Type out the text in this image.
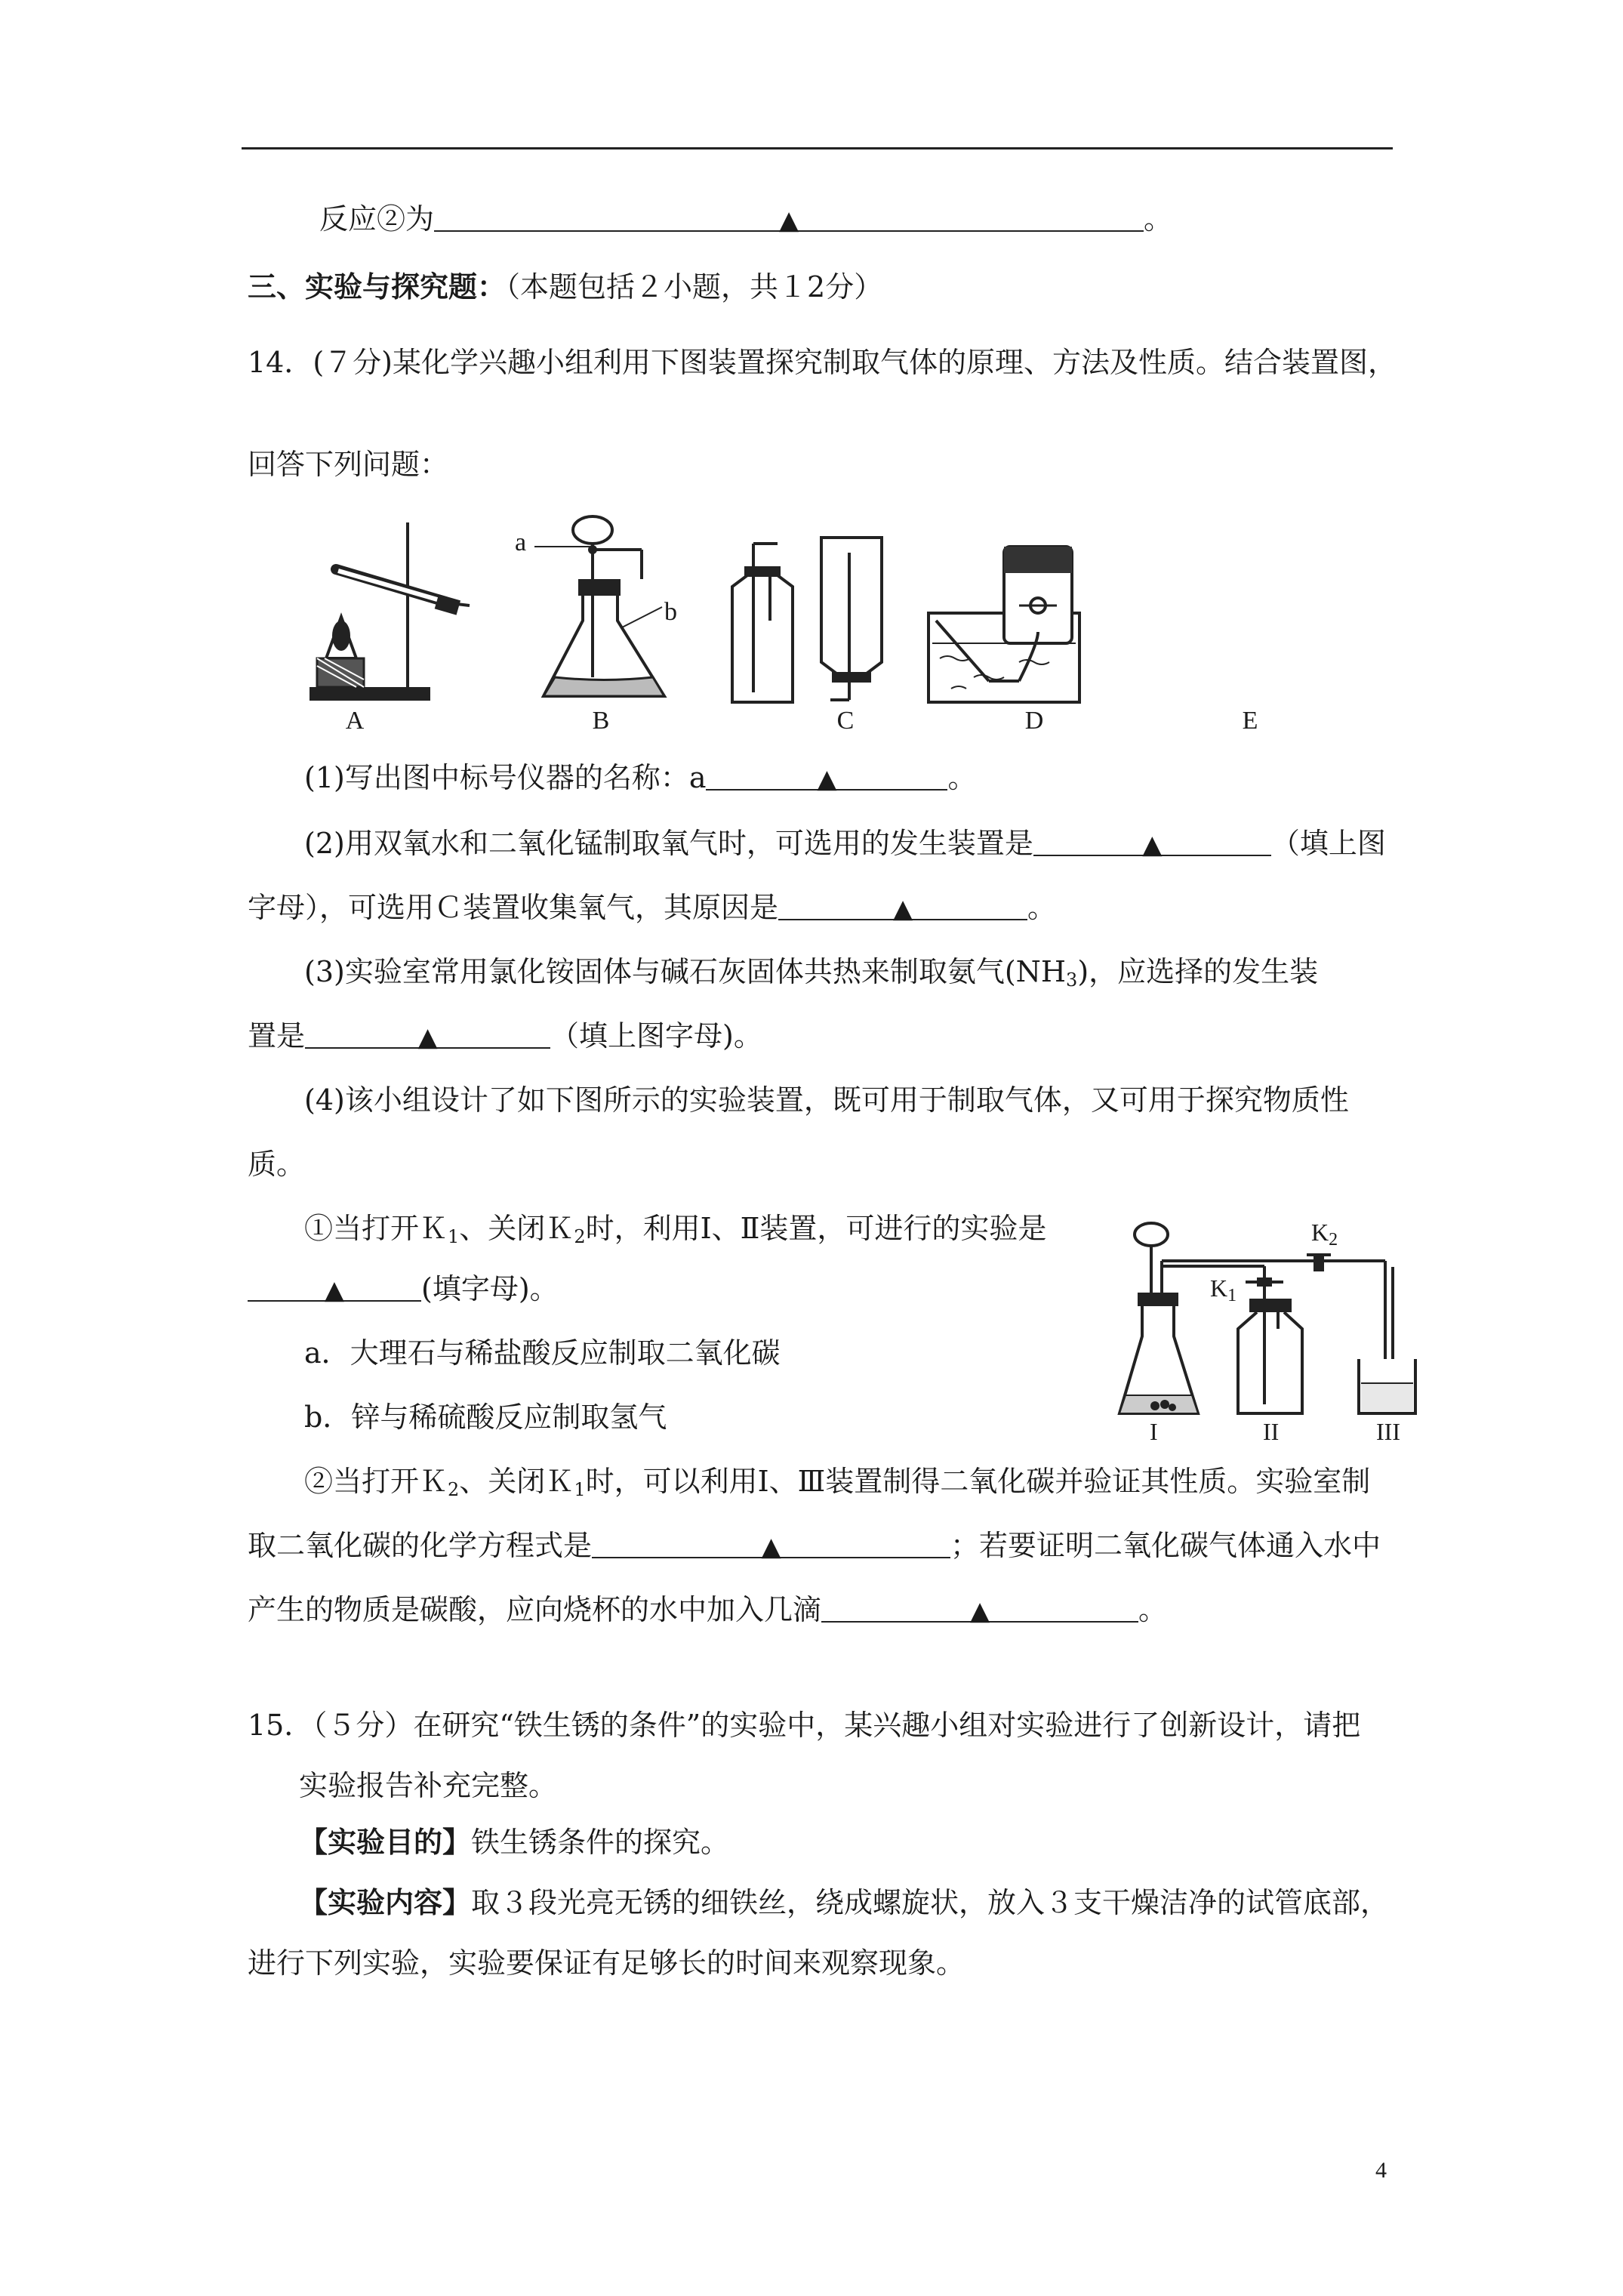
反应②为	▲	。
三、实验与探究题：（本题包括２小题，共１2分）
14．(７分)某化学兴趣小组利用下图装置探究制取气体的原理、方法及性质。结合装置图，
回答下列问题：
a
b
A	B	C	D	E
(1)写出图中标号仪器的名称：a	▲	。
(2)用双氧水和二氧化锰制取氧气时，可选用的发生装置是	▲	（填上图
字母），可选用Ｃ装置收集氧气，其原因是	▲	。
(3)实验室常用氯化铵固体与碱石灰固体共热来制取氨气$(NH_3)$，应选择的发生装
置是	▲	（填上图字母)。
(4)该小组设计了如下图所示的实验装置，既可用于制取气体，又可用于探究物质性
质。
①当打开Ｋ$_1$、关闭Ｋ$_2$时，利用Ⅰ、Ⅱ装置，可进行的实验是
▲	(填字母)。
a．大理石与稀盐酸反应制取二氧化碳
b．锌与稀硫酸反应制取氢气
$K_2$
$K_1$
I	II	III
②当打开Ｋ$_2$、关闭Ｋ$_1$时，可以利用Ⅰ、Ⅲ装置制得二氧化碳并验证其性质。实验室制
取二氧化碳的化学方程式是	▲	；若要证明二氧化碳气体通入水中
产生的物质是碳酸，应向烧杯的水中加入几滴	▲	。
15．（５分）在研究“铁生锈的条件”的实验中，某兴趣小组对实验进行了创新设计，请把
实验报告补充完整。
【实验目的】铁生锈条件的探究。
【实验内容】取３段光亮无锈的细铁丝，绕成螺旋状，放入３支干燥洁净的试管底部，
进行下列实验，实验要保证有足够长的时间来观察现象。
4
